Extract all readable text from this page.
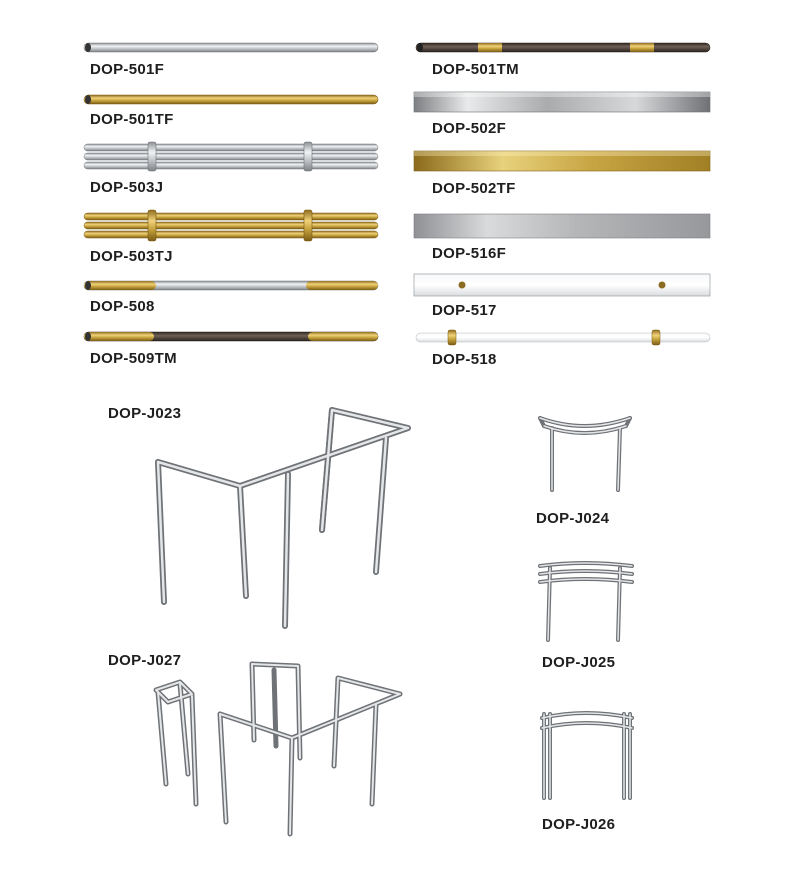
DOP-501F
DOP-501TF
DOP-503J
DOP-503TJ
DOP-508
DOP-509TM
DOP-501TM
DOP-502F
DOP-502TF
DOP-516F
DOP-517
DOP-518
DOP-J023
DOP-J024
DOP-J025
DOP-J027
DOP-J026
